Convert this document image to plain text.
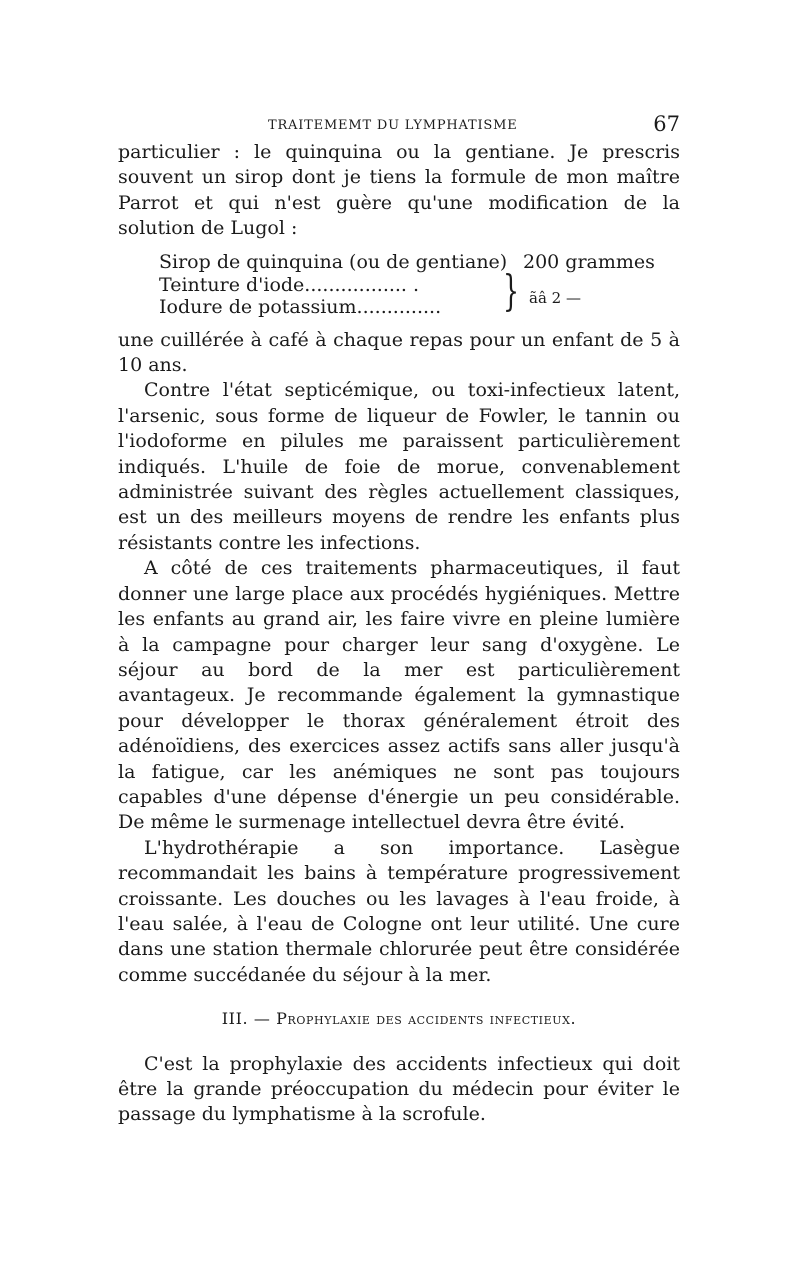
TRAITEMEMT DU LYMPHATISME	67

particulier : le quinquina ou la gentiane. Je prescris souvent un sirop dont je tiens la formule de mon maître Parrot et qui n'est guère qu'une modification de la solution de Lugol :

Sirop de quinquina (ou de gentiane) 200 grammes
Teinture d'iode................. .
Iodure de potassium.............. } ãâ 2 —

une cuillérée à café à chaque repas pour un enfant de 5 à 10 ans.

Contre l'état septicémique, ou toxi-infectieux latent, l'arsenic, sous forme de liqueur de Fowler, le tannin ou l'iodoforme en pilules me paraissent particulièrement indiqués. L'huile de foie de morue, convenablement administrée suivant des règles actuellement classiques, est un des meilleurs moyens de rendre les enfants plus résistants contre les infections.

A côté de ces traitements pharmaceutiques, il faut donner une large place aux procédés hygiéniques. Mettre les enfants au grand air, les faire vivre en pleine lumière à la campagne pour charger leur sang d'oxygène. Le séjour au bord de la mer est particulièrement avantageux. Je recommande également la gymnastique pour développer le thorax généralement étroit des adénoïdiens, des exercices assez actifs sans aller jusqu'à la fatigue, car les anémiques ne sont pas toujours capables d'une dépense d'énergie un peu considérable. De même le surmenage intellectuel devra être évité.

L'hydrothérapie a son importance. Lasègue recommandait les bains à température progressivement croissante. Les douches ou les lavages à l'eau froide, à l'eau salée, à l'eau de Cologne ont leur utilité. Une cure dans une station thermale chlorurée peut être considérée comme succédanée du séjour à la mer.

III. — Prophylaxie des accidents infectieux.

C'est la prophylaxie des accidents infectieux qui doit être la grande préoccupation du médecin pour éviter le passage du lymphatisme à la scrofule.
